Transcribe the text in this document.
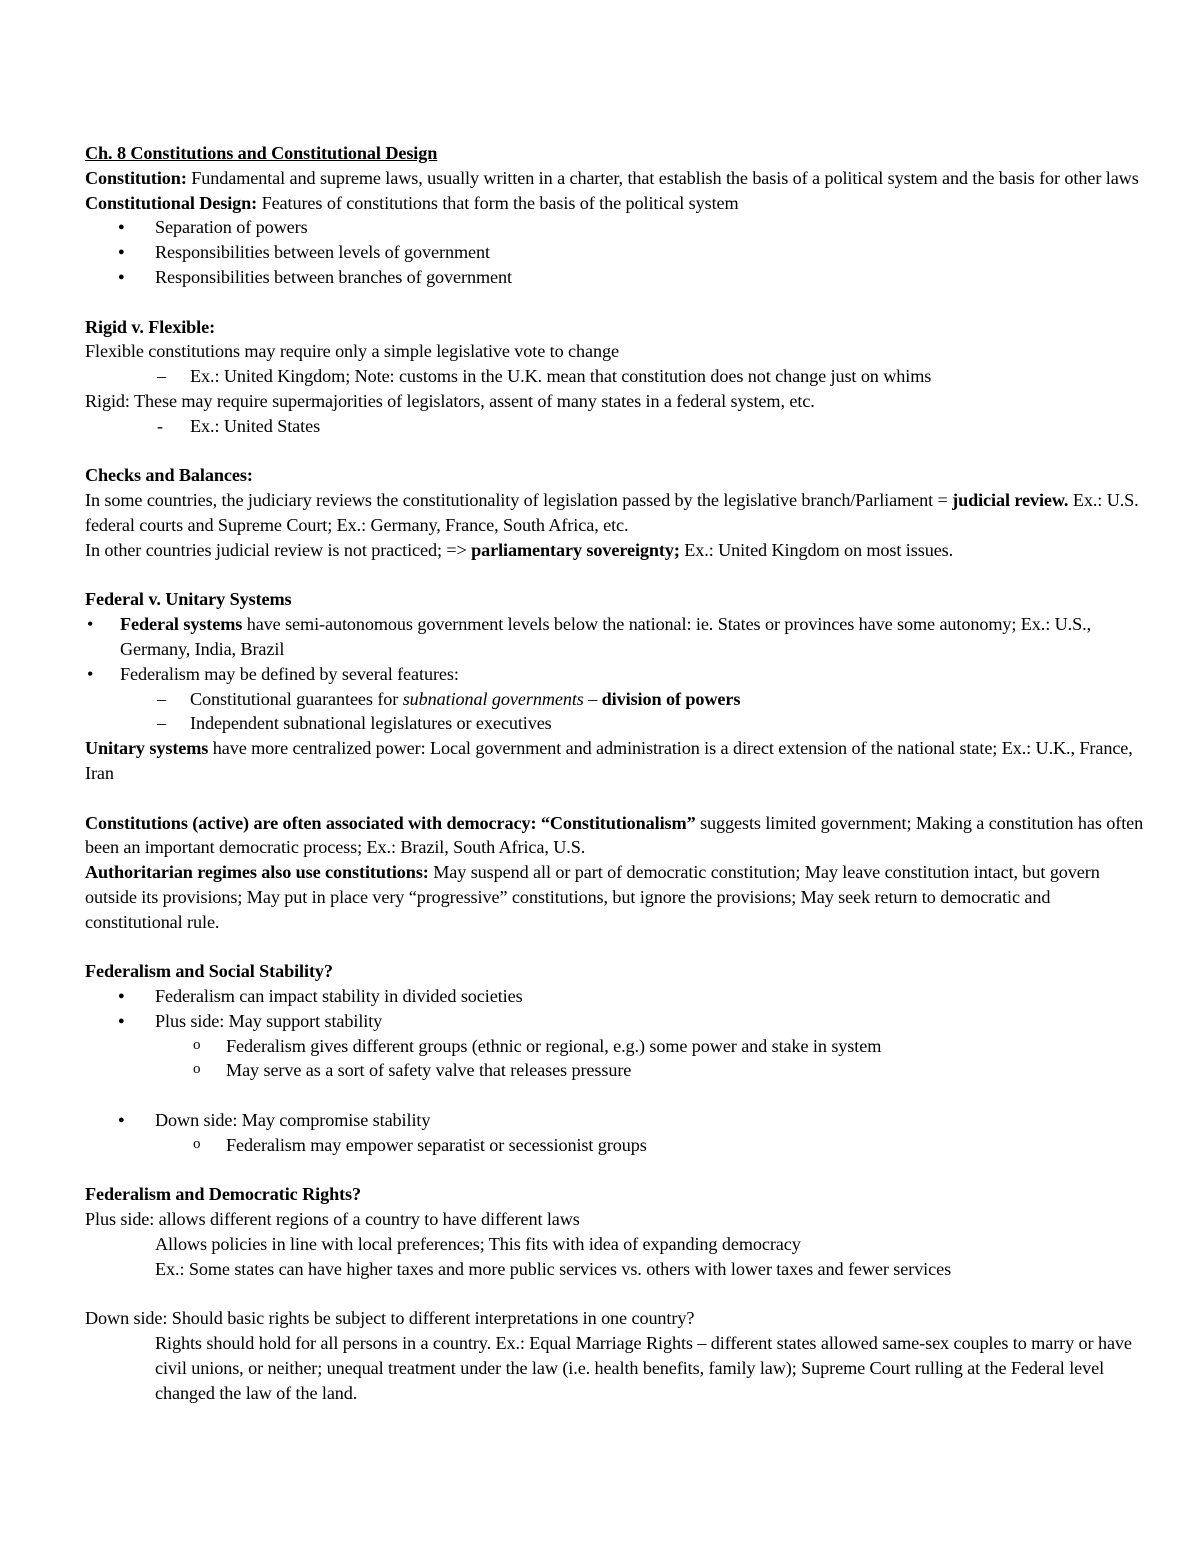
Ch. 8 Constitutions and Constitutional Design

Constitution: Fundamental and supreme laws, usually written in a charter, that establish the basis of a political system and the basis for other laws

Constitutional Design: Features of constitutions that form the basis of the political system

● Separation of powers
● Responsibilities between levels of government
● Responsibilities between branches of government

Rigid v. Flexible:

Flexible constitutions may require only a simple legislative vote to change

– Ex.: United Kingdom; Note: customs in the U.K. mean that constitution does not change just on whims

Rigid: These may require supermajorities of legislators, assent of many states in a federal system, etc.

- Ex.: United States

Checks and Balances:

In some countries, the judiciary reviews the constitutionality of legislation passed by the legislative branch/Parliament = judicial review. Ex.: U.S. federal courts and Supreme Court; Ex.: Germany, France, South Africa, etc.

In other countries judicial review is not practiced; => parliamentary sovereignty; Ex.: United Kingdom on most issues.

Federal v. Unitary Systems

• Federal systems have semi-autonomous government levels below the national: ie. States or provinces have some autonomy; Ex.: U.S., Germany, India, Brazil
• Federalism may be defined by several features:
– Constitutional guarantees for subnational governments – division of powers
– Independent subnational legislatures or executives

Unitary systems have more centralized power: Local government and administration is a direct extension of the national state; Ex.: U.K., France, Iran

Constitutions (active) are often associated with democracy: “Constitutionalism” suggests limited government; Making a constitution has often been an important democratic process; Ex.: Brazil, South Africa, U.S.

Authoritarian regimes also use constitutions: May suspend all or part of democratic constitution; May leave constitution intact, but govern outside its provisions; May put in place very “progressive” constitutions, but ignore the provisions; May seek return to democratic and constitutional rule.

Federalism and Social Stability?

● Federalism can impact stability in divided societies
● Plus side: May support stability
o Federalism gives different groups (ethnic or regional, e.g.) some power and stake in system
o May serve as a sort of safety valve that releases pressure
● Down side: May compromise stability
o Federalism may empower separatist or secessionist groups

Federalism and Democratic Rights?

Plus side: allows different regions of a country to have different laws

Allows policies in line with local preferences; This fits with idea of expanding democracy

Ex.: Some states can have higher taxes and more public services vs. others with lower taxes and fewer services

Down side: Should basic rights be subject to different interpretations in one country?

Rights should hold for all persons in a country. Ex.: Equal Marriage Rights – different states allowed same-sex couples to marry or have civil unions, or neither; unequal treatment under the law (i.e. health benefits, family law); Supreme Court rulling at the Federal level changed the law of the land.
